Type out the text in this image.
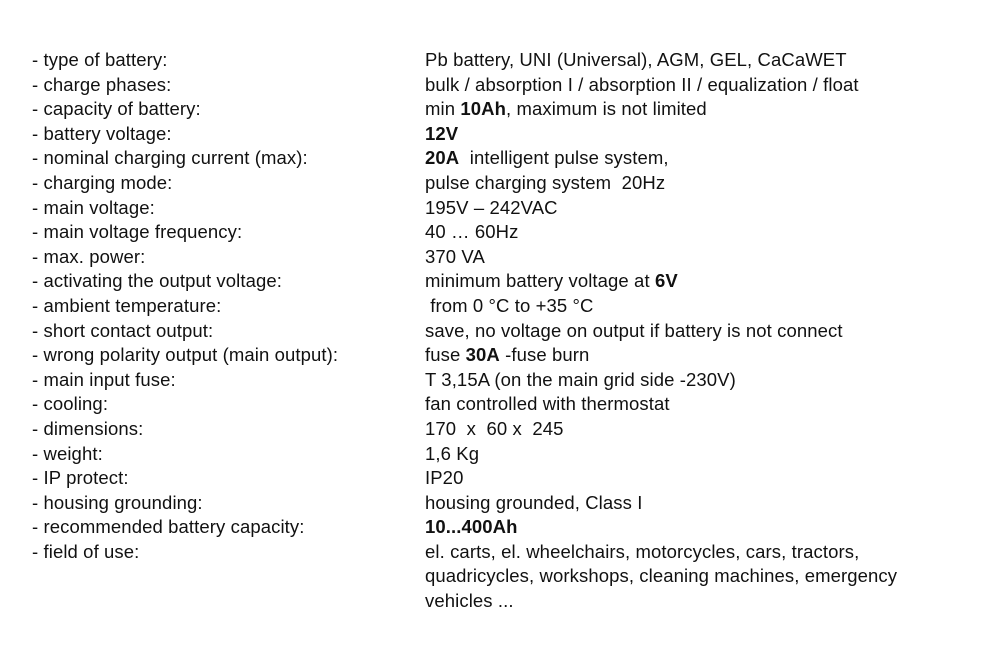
- type of battery:	Pb battery, UNI (Universal), AGM, GEL, CaCaWET
- charge phases:	bulk / absorption I / absorption II / equalization / float
- capacity of battery:	min 10Ah, maximum is not limited
- battery voltage:	12V
- nominal charging current (max):	20A  intelligent pulse system,
- charging mode:	pulse charging system  20Hz
- main voltage:	195V – 242VAC
- main voltage frequency:	40 … 60Hz
- max. power:	370 VA
- activating the output voltage:	minimum battery voltage at 6V
- ambient temperature:	from 0 °C to +35 °C
- short contact output:	save, no voltage on output if battery is not connect
- wrong polarity output (main output):	fuse 30A -fuse burn
- main input fuse:	T 3,15A (on the main grid side -230V)
- cooling:	fan controlled with thermostat
- dimensions:	170  x  60 x  245
- weight:	1,6 Kg
- IP protect:	IP20
- housing grounding:	housing grounded, Class I
- recommended battery capacity:	10...400Ah
- field of use:	el. carts, el. wheelchairs, motorcycles, cars, tractors,
quadricycles, workshops, cleaning machines, emergency
vehicles ...
